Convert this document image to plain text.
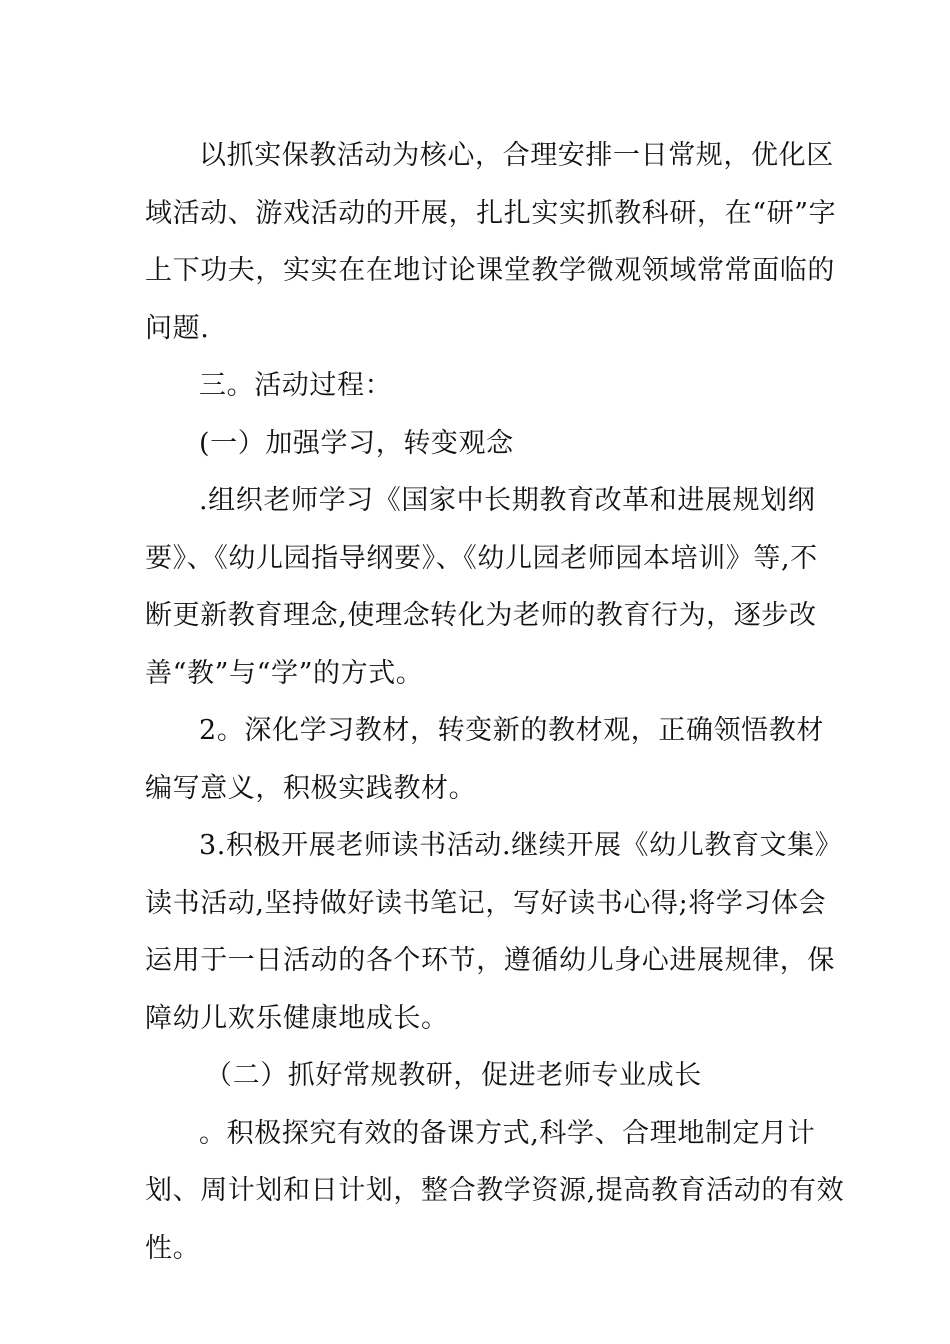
以抓实保教活动为核心，合理安排一日常规，优化区域活动、游戏活动的开展，扎扎实实抓教科研，在“研”字上下功夫，实实在在地讨论课堂教学微观领域常常面临的问题.

三。活动过程：

(一）加强学习，转变观念

.组织老师学习《国家中长期教育改革和进展规划纲要》、《幼儿园指导纲要》、《幼儿园老师园本培训》等,不断更新教育理念,使理念转化为老师的教育行为，逐步改善“教”与“学”的方式。

2。深化学习教材，转变新的教材观，正确领悟教材编写意义，积极实践教材。

3.积极开展老师读书活动.继续开展《幼儿教育文集》读书活动,坚持做好读书笔记，写好读书心得;将学习体会运用于一日活动的各个环节，遵循幼儿身心进展规律，保障幼儿欢乐健康地成长。

（二）抓好常规教研，促进老师专业成长

。积极探究有效的备课方式,科学、合理地制定月计划、周计划和日计划，整合教学资源,提高教育活动的有效性。
